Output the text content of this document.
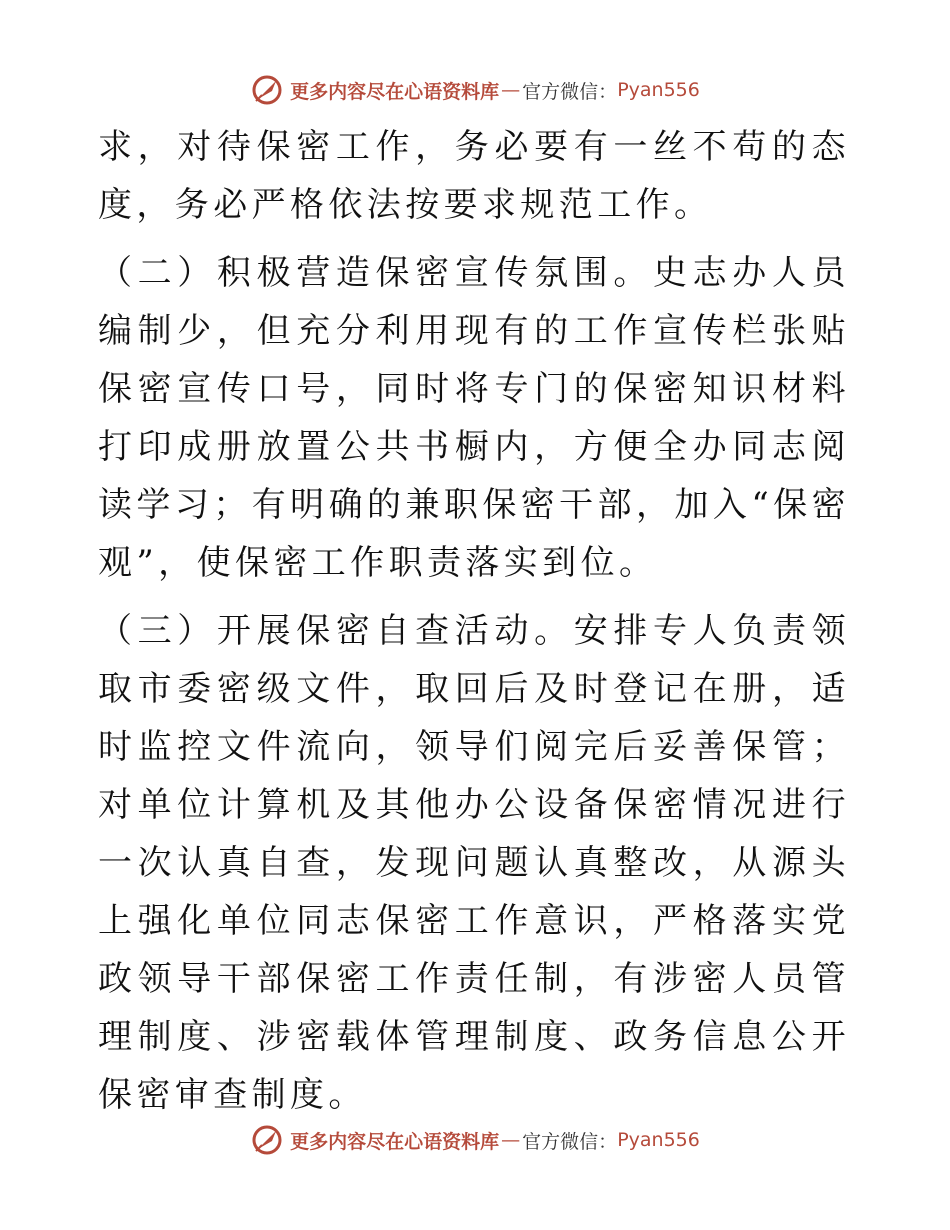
更多内容尽在心语资料库 — 官方微信： Pyan556

求，对待保密工作，务必要有一丝不苟的态度，务必严格依法按要求规范工作。

（二）积极营造保密宣传氛围。史志办人员编制少，但充分利用现有的工作宣传栏张贴保密宣传口号，同时将专门的保密知识材料打印成册放置公共书橱内，方便全办同志阅读学习；有明确的兼职保密干部，加入“保密观”，使保密工作职责落实到位。

（三）开展保密自查活动。安排专人负责领取市委密级文件，取回后及时登记在册，适时监控文件流向，领导们阅完后妥善保管；对单位计算机及其他办公设备保密情况进行一次认真自查，发现问题认真整改，从源头上强化单位同志保密工作意识，严格落实党政领导干部保密工作责任制，有涉密人员管理制度、涉密载体管理制度、政务信息公开保密审查制度。

更多内容尽在心语资料库 — 官方微信： Pyan556
